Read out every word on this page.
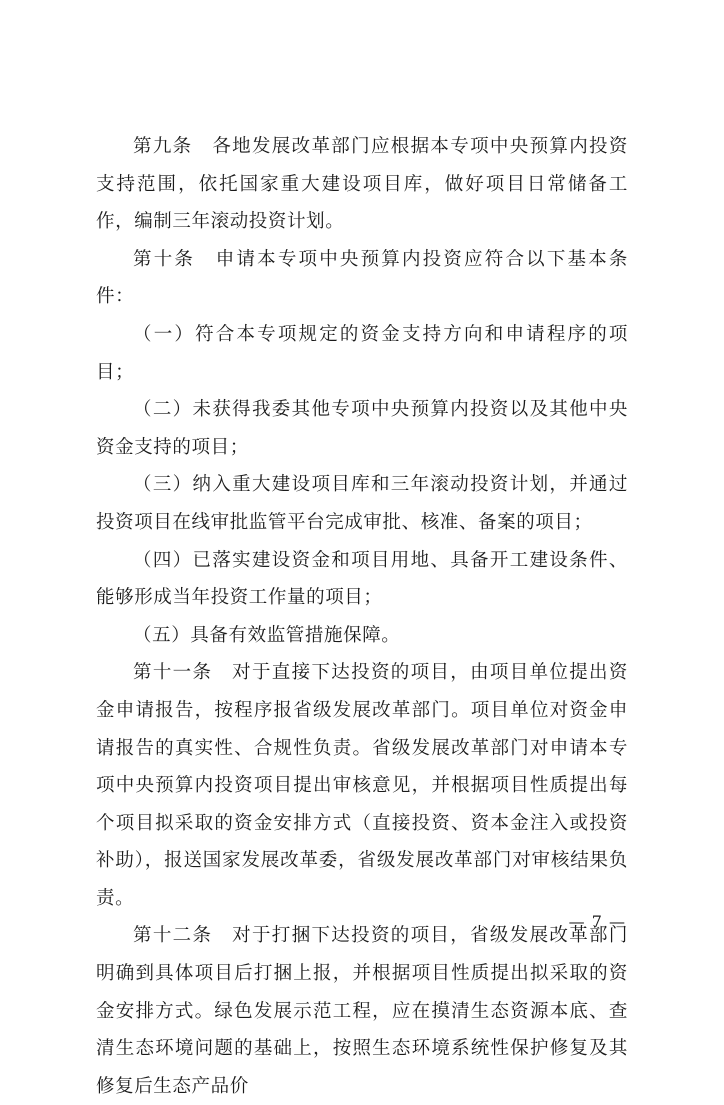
第九条　各地发展改革部门应根据本专项中央预算内投资支持范围，依托国家重大建设项目库，做好项目日常储备工作，编制三年滚动投资计划。

第十条　申请本专项中央预算内投资应符合以下基本条件：

（一）符合本专项规定的资金支持方向和申请程序的项目；

（二）未获得我委其他专项中央预算内投资以及其他中央资金支持的项目；

（三）纳入重大建设项目库和三年滚动投资计划，并通过投资项目在线审批监管平台完成审批、核准、备案的项目；

（四）已落实建设资金和项目用地、具备开工建设条件、能够形成当年投资工作量的项目；

（五）具备有效监管措施保障。

第十一条　对于直接下达投资的项目，由项目单位提出资金申请报告，按程序报省级发展改革部门。项目单位对资金申请报告的真实性、合规性负责。省级发展改革部门对申请本专项中央预算内投资项目提出审核意见，并根据项目性质提出每个项目拟采取的资金安排方式（直接投资、资本金注入或投资补助），报送国家发展改革委，省级发展改革部门对审核结果负责。

第十二条　对于打捆下达投资的项目，省级发展改革部门明确到具体项目后打捆上报，并根据项目性质提出拟采取的资金安排方式。绿色发展示范工程，应在摸清生态资源本底、查清生态环境问题的基础上，按照生态环境系统性保护修复及其修复后生态产品价

— 7 —
